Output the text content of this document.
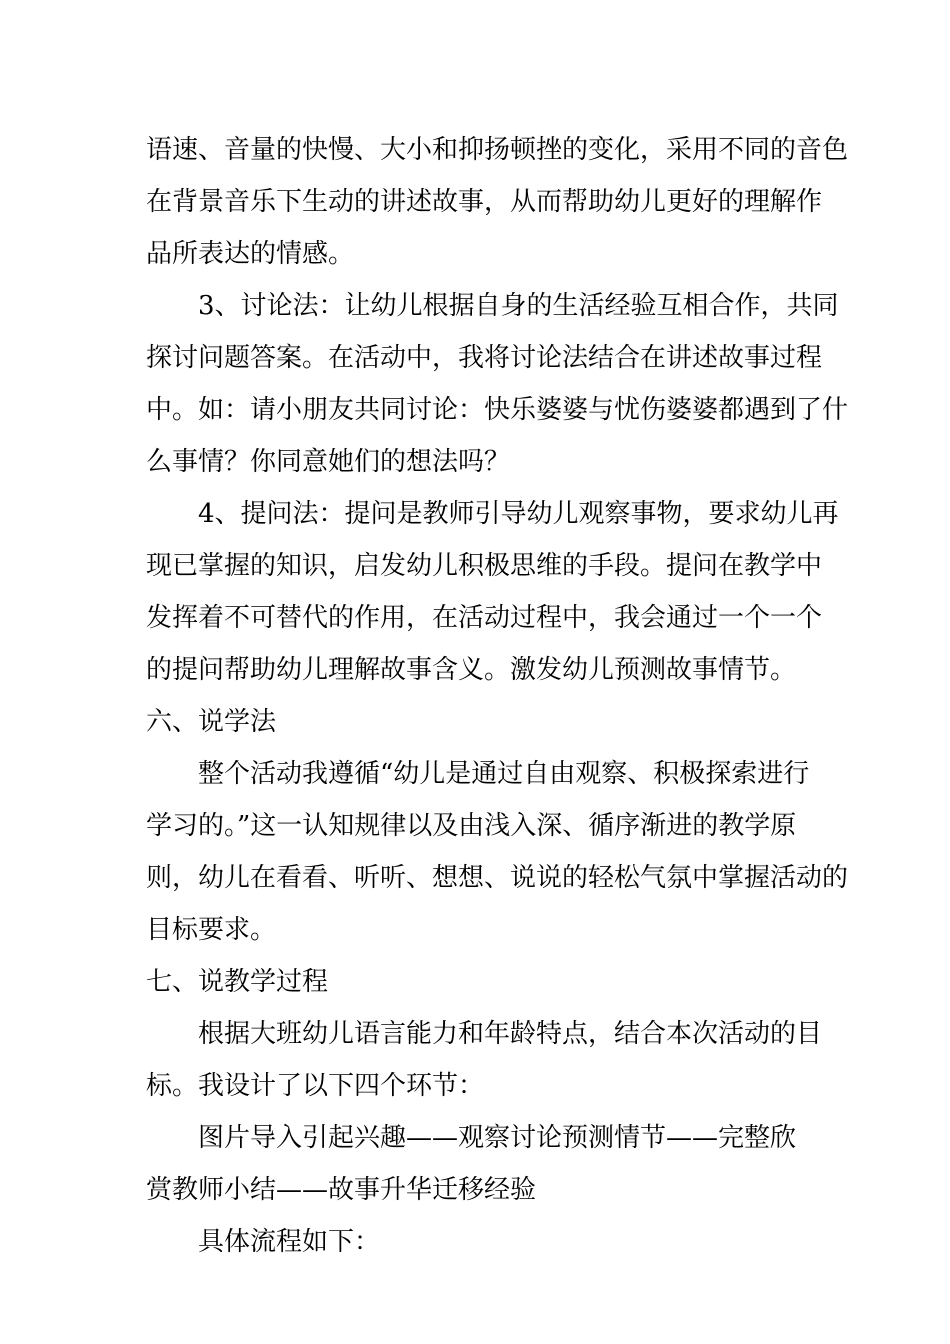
语速、音量的快慢、大小和抑扬顿挫的变化，采用不同的音色
在背景音乐下生动的讲述故事，从而帮助幼儿更好的理解作
品所表达的情感。

3、讨论法：让幼儿根据自身的生活经验互相合作，共同
探讨问题答案。在活动中，我将讨论法结合在讲述故事过程
中。如：请小朋友共同讨论：快乐婆婆与忧伤婆婆都遇到了什
么事情？你同意她们的想法吗？

4、提问法：提问是教师引导幼儿观察事物，要求幼儿再
现已掌握的知识，启发幼儿积极思维的手段。提问在教学中
发挥着不可替代的作用，在活动过程中，我会通过一个一个
的提问帮助幼儿理解故事含义。激发幼儿预测故事情节。

六、说学法

整个活动我遵循“幼儿是通过自由观察、积极探索进行
学习的。”这一认知规律以及由浅入深、循序渐进的教学原
则，幼儿在看看、听听、想想、说说的轻松气氛中掌握活动的
目标要求。

七、说教学过程

根据大班幼儿语言能力和年龄特点，结合本次活动的目
标。我设计了以下四个环节：

图片导入引起兴趣——观察讨论预测情节——完整欣
赏教师小结——故事升华迁移经验

具体流程如下：
